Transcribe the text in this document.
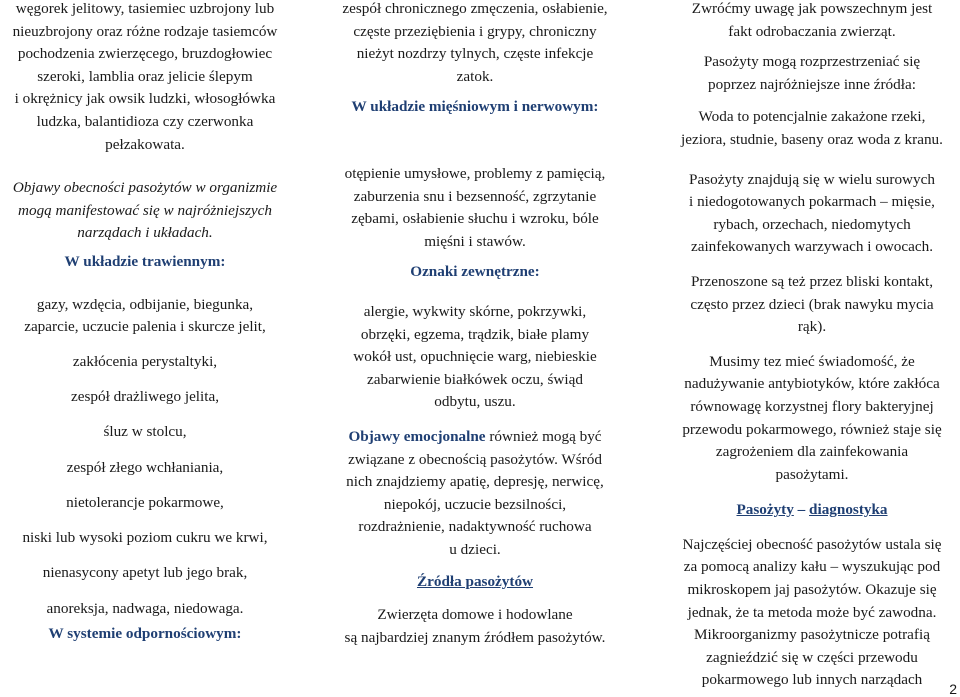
węgorek jelitowy, tasiemiec uzbrojony lub
nieuzbrojony oraz różne rodzaje tasiemców
pochodzenia zwierzęcego, bruzdogłowiec
szeroki, lamblia oraz jelicie ślepym
i okrężnicy jak owsik ludzki, włosogłówka
ludzka, balantidioza czy czerwonka
pełzakowata.
Objawy obecności pasożytów w organizmie
mogą manifestować się w najróżniejszych
narządach i układach.
W układzie trawiennym:
gazy, wzdęcia, odbijanie, biegunka,
zaparcie, uczucie palenia i skurcze jelit,
zakłócenia perystaltyki,
zespół drażliwego jelita,
śluz w stolcu,
zespół złego wchłaniania,
nietolerancje pokarmowe,
niski lub wysoki poziom cukru we krwi,
nienasycony apetyt lub jego brak,
anoreksja, nadwaga, niedowaga.
W systemie odpornościowym:
zespół chronicznego zmęczenia, osłabienie,
częste przeziębienia i grypy, chroniczny
nieżyt nozdrzy tylnych, częste infekcje
zatok.
W układzie mięśniowym i nerwowym:
otępienie umysłowe, problemy z pamięcią,
zaburzenia snu i bezsenność, zgrzytanie
zębami, osłabienie słuchu i wzroku, bóle
mięśni i stawów.
Oznaki zewnętrzne:
alergie, wykwity skórne, pokrzywki,
obrzęki, egzema, trądzik, białe plamy
wokół ust, opuchnięcie warg, niebieskie
zabarwienie białkówek oczu, świąd
odbytu, uszu.
Objawy emocjonalne również mogą być
związane z obecnością pasożytów. Wśród
nich znajdziemy apatię, depresję, nerwicę,
niepokój, uczucie bezsilności,
rozdrażnienie, nadaktywność ruchowa
u dzieci.
Źródła pasożytów
Zwierzęta domowe i hodowlane
są najbardziej znanym źródłem pasożytów.
Zwróćmy uwagę jak powszechnym jest
fakt odrobaczania zwierząt.
Pasożyty mogą rozprzestrzeniać się
poprzez najróżniejsze inne źródła:
Woda to potencjalnie zakażone rzeki,
jeziora, studnie, baseny oraz woda z kranu.
Pasożyty znajdują się w wielu surowych
i niedogotowanych pokarmach – mięsie,
rybach, orzechach, niedomytych
zainfekowanych warzywach i owocach.
Przenoszone są też przez bliski kontakt,
często przez dzieci (brak nawyku mycia
rąk).
Musimy tez mieć świadomość, że
nadużywanie antybiotyków, które zakłóca
równowagę korzystnej flory bakteryjnej
przewodu pokarmowego, również staje się
zagrożeniem dla zainfekowania
pasożytami.
Pasożyty – diagnostyka
Najczęściej obecność pasożytów ustala się
za pomocą analizy kału – wyszukując pod
mikroskopem jaj pasożytów. Okazuje się
jednak, że ta metoda może być zawodna.
Mikroorganizmy pasożytnicze potrafią
zagnieździć się w części przewodu
pokarmowego lub innych narządach
2
